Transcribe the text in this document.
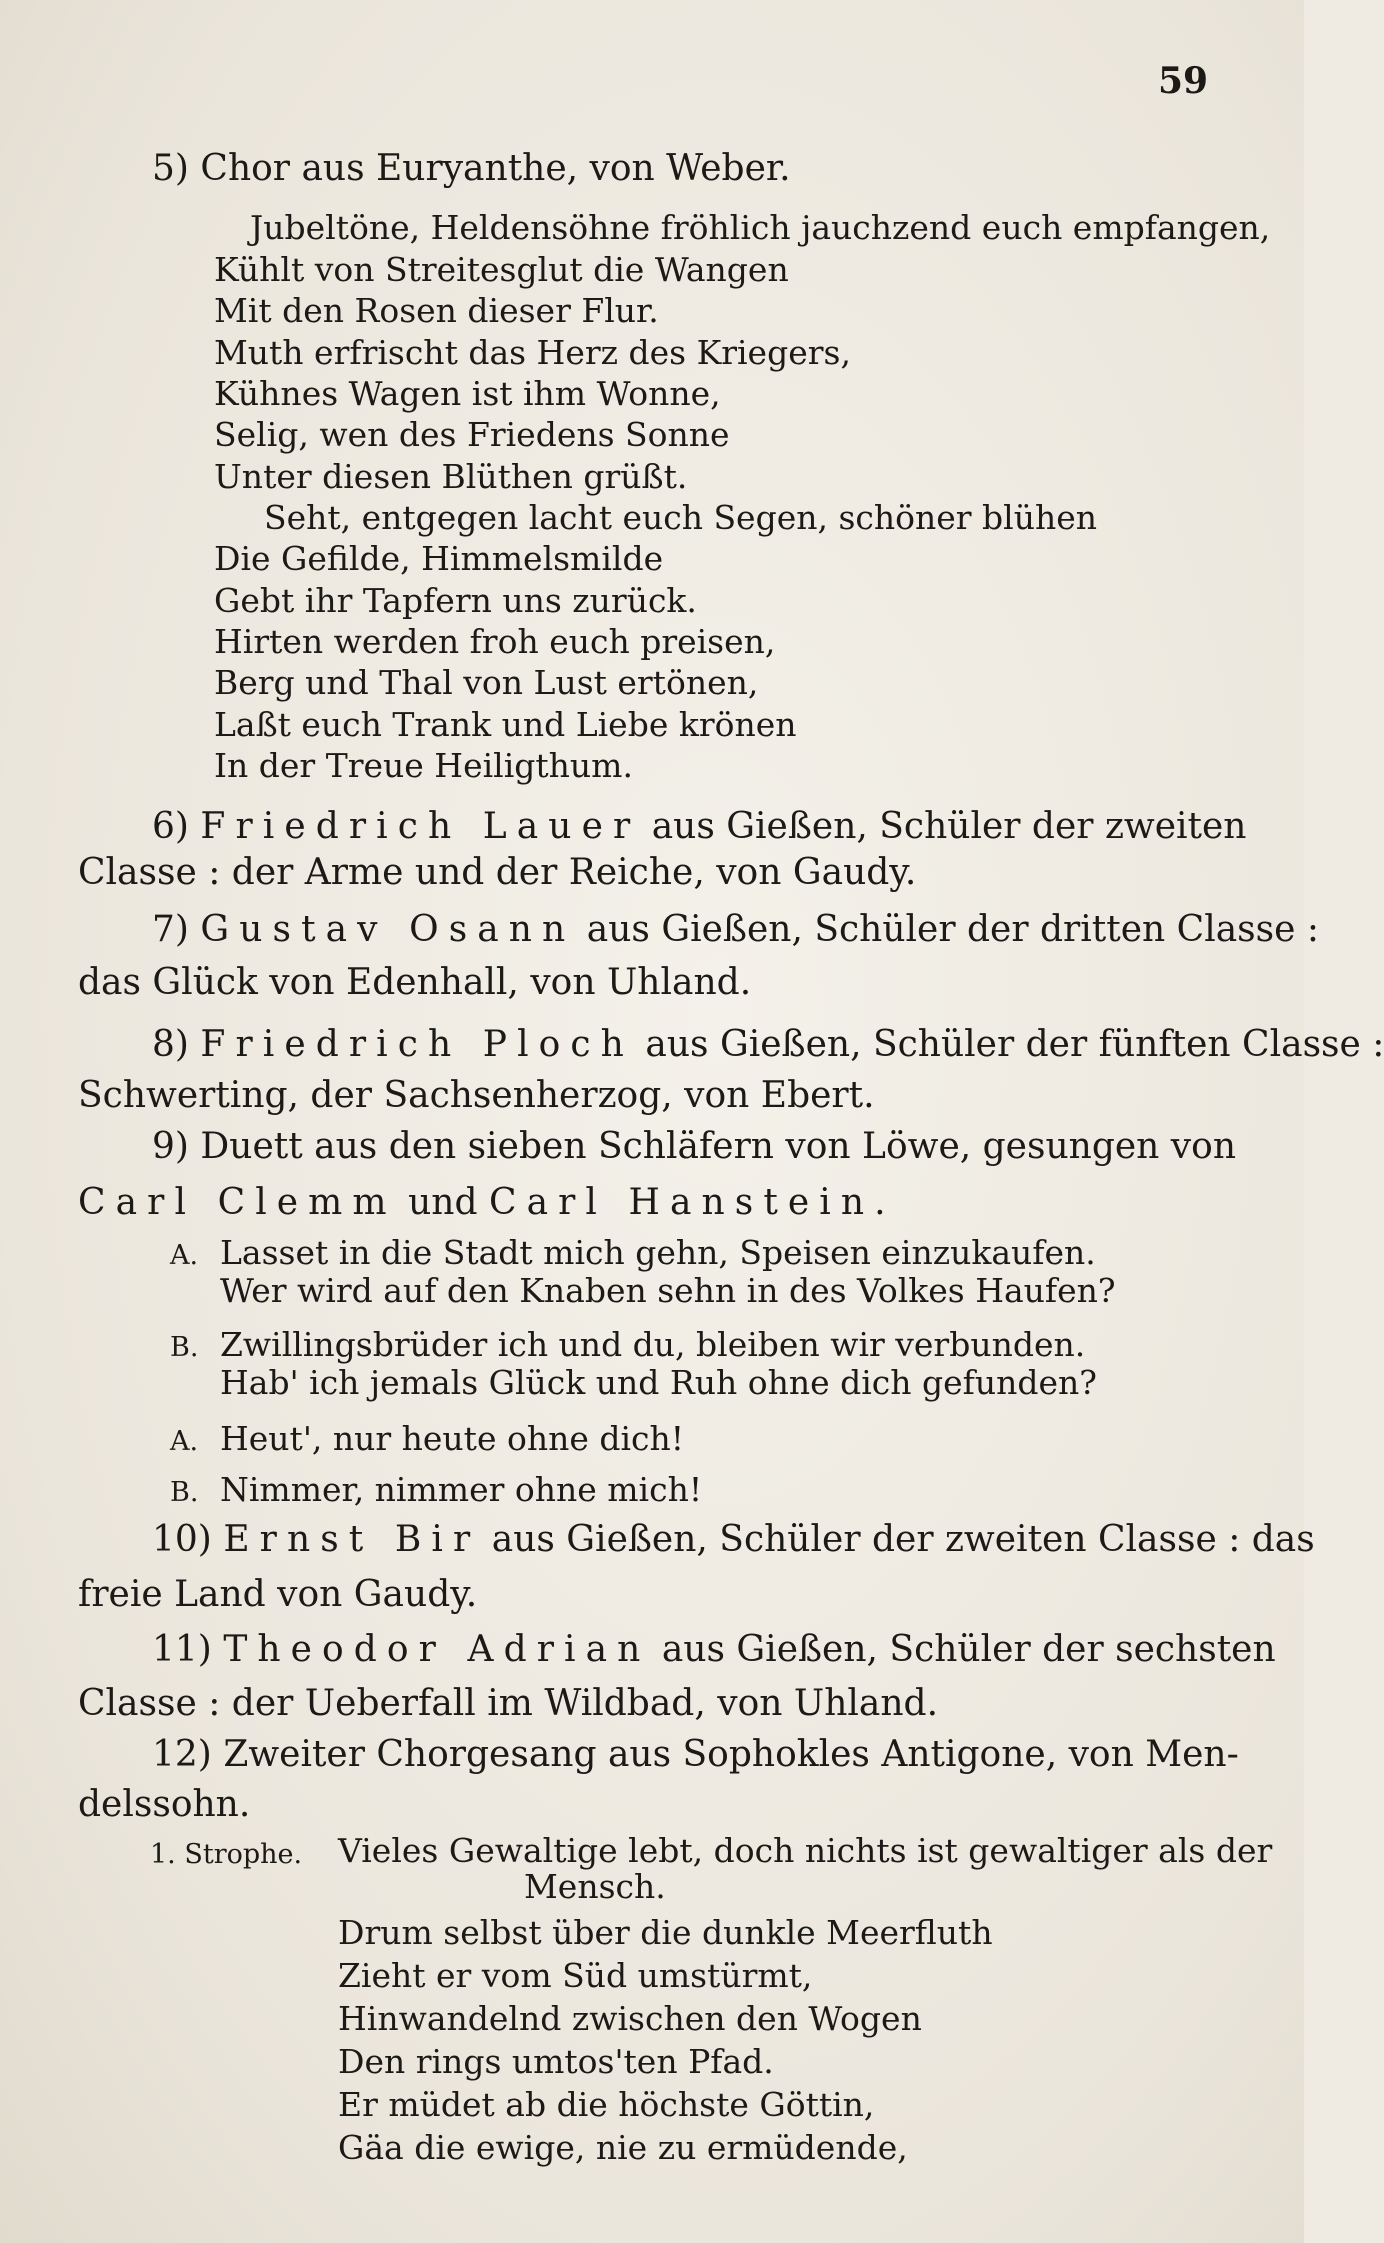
59
5) Chor aus Euryanthe, von Weber.
Jubeltöne, Heldensöhne fröhlich jauchzend euch empfangen,
Kühlt von Streitesglut die Wangen
Mit den Rosen dieser Flur.
Muth erfrischt das Herz des Kriegers,
Kühnes Wagen ist ihm Wonne,
Selig, wen des Friedens Sonne
Unter diesen Blüthen grüßt.
Seht, entgegen lacht euch Segen, schöner blühen
Die Gefilde, Himmelsmilde
Gebt ihr Tapfern uns zurück.
Hirten werden froh euch preisen,
Berg und Thal von Lust ertönen,
Laßt euch Trank und Liebe krönen
In der Treue Heiligthum.
6) Friedrich Lauer aus Gießen, Schüler der zweiten
Classe : der Arme und der Reiche, von Gaudy.
7) Gustav Osann aus Gießen, Schüler der dritten Classe :
das Glück von Edenhall, von Uhland.
8) Friedrich Ploch aus Gießen, Schüler der fünften Classe :
Schwerting, der Sachsenherzog, von Ebert.
9) Duett aus den sieben Schläfern von Löwe, gesungen von
Carl Clemm und Carl Hanstein.
A. Lasset in die Stadt mich gehn, Speisen einzukaufen.
Wer wird auf den Knaben sehn in des Volkes Haufen?
B. Zwillingsbrüder ich und du, bleiben wir verbunden.
Hab' ich jemals Glück und Ruh ohne dich gefunden?
A. Heut', nur heute ohne dich!
B. Nimmer, nimmer ohne mich!
10) Ernst Bir aus Gießen, Schüler der zweiten Classe : das
freie Land von Gaudy.
11) Theodor Adrian aus Gießen, Schüler der sechsten
Classe : der Ueberfall im Wildbad, von Uhland.
12) Zweiter Chorgesang aus Sophokles Antigone, von Men-
delssohn.
1. Strophe. Vieles Gewaltige lebt, doch nichts ist gewaltiger als der
Mensch.
Drum selbst über die dunkle Meerfluth
Zieht er vom Süd umstürmt,
Hinwandelnd zwischen den Wogen
Den rings umtos'ten Pfad.
Er müdet ab die höchste Göttin,
Gäa die ewige, nie zu ermüdende,
